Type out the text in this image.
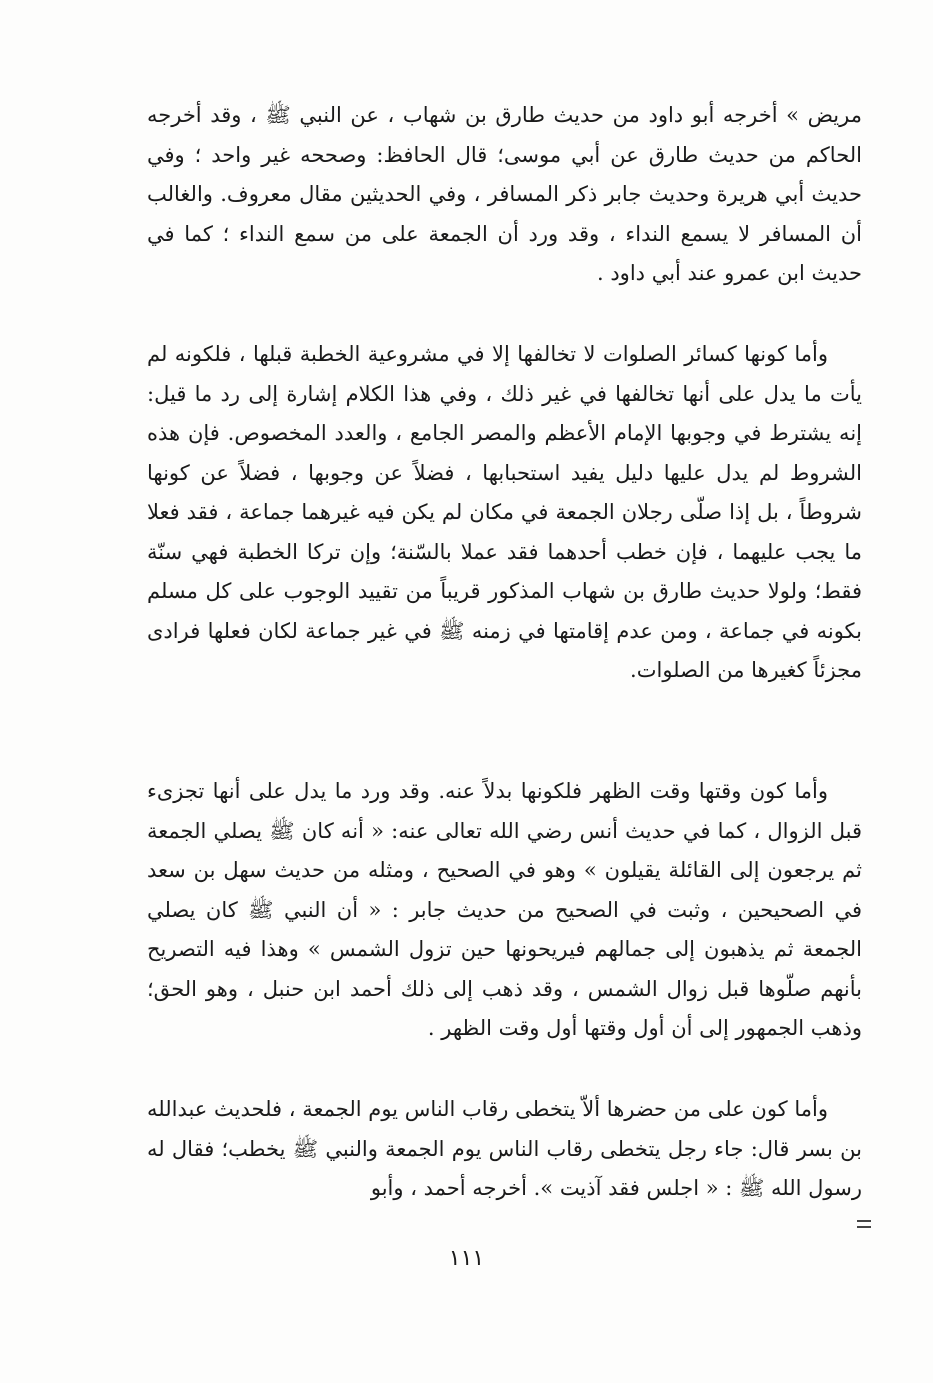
مريض » أخرجه أبو داود من حديث طارق بن شهاب ، عن النبي ﷺ ، وقد أخرجه الحاكم من حديث طارق عن أبي موسى؛ قال الحافظ: وصححه غير واحد ؛ وفي حديث أبي هريرة وحديث جابر ذكر المسافر ، وفي الحديثين مقال معروف. والغالب أن المسافر لا يسمع النداء ، وقد ورد أن الجمعة على من سمع النداء ؛ كما في حديث ابن عمرو عند أبي داود .

وأما كونها كسائر الصلوات لا تخالفها إلا في مشروعية الخطبة قبلها ، فلكونه لم يأت ما يدل على أنها تخالفها في غير ذلك ، وفي هذا الكلام إشارة إلى رد ما قيل: إنه يشترط في وجوبها الإمام الأعظم والمصر الجامع ، والعدد المخصوص. فإن هذه الشروط لم يدل عليها دليل يفيد استحبابها ، فضلاً عن وجوبها ، فضلاً عن كونها شروطاً ، بل إذا صلّى رجلان الجمعة في مكان لم يكن فيه غيرهما جماعة ، فقد فعلا ما يجب عليهما ، فإن خطب أحدهما فقد عملا بالسّنة؛ وإن تركا الخطبة فهي سنّة فقط؛ ولولا حديث طارق بن شهاب المذكور قريباً من تقييد الوجوب على كل مسلم بكونه في جماعة ، ومن عدم إقامتها في زمنه ﷺ في غير جماعة لكان فعلها فرادى مجزئاً كغيرها من الصلوات.

وأما كون وقتها وقت الظهر فلكونها بدلاً عنه. وقد ورد ما يدل على أنها تجزىء قبل الزوال ، كما في حديث أنس رضي الله تعالى عنه: « أنه كان ﷺ يصلي الجمعة ثم يرجعون إلى القائلة يقيلون » وهو في الصحيح ، ومثله من حديث سهل بن سعد في الصحيحين ، وثبت في الصحيح من حديث جابر : « أن النبي ﷺ كان يصلي الجمعة ثم يذهبون إلى جمالهم فيريحونها حين تزول الشمس » وهذا فيه التصريح بأنهم صلّوها قبل زوال الشمس ، وقد ذهب إلى ذلك أحمد ابن حنبل ، وهو الحق؛ وذهب الجمهور إلى أن أول وقتها أول وقت الظهر .

وأما كون على من حضرها ألاّ يتخطى رقاب الناس يوم الجمعة ، فلحديث عبدالله بن بسر قال: جاء رجل يتخطى رقاب الناس يوم الجمعة والنبي ﷺ يخطب؛ فقال له رسول الله ﷺ : « اجلس فقد آذيت ». أخرجه أحمد ، وأبو

١١١
